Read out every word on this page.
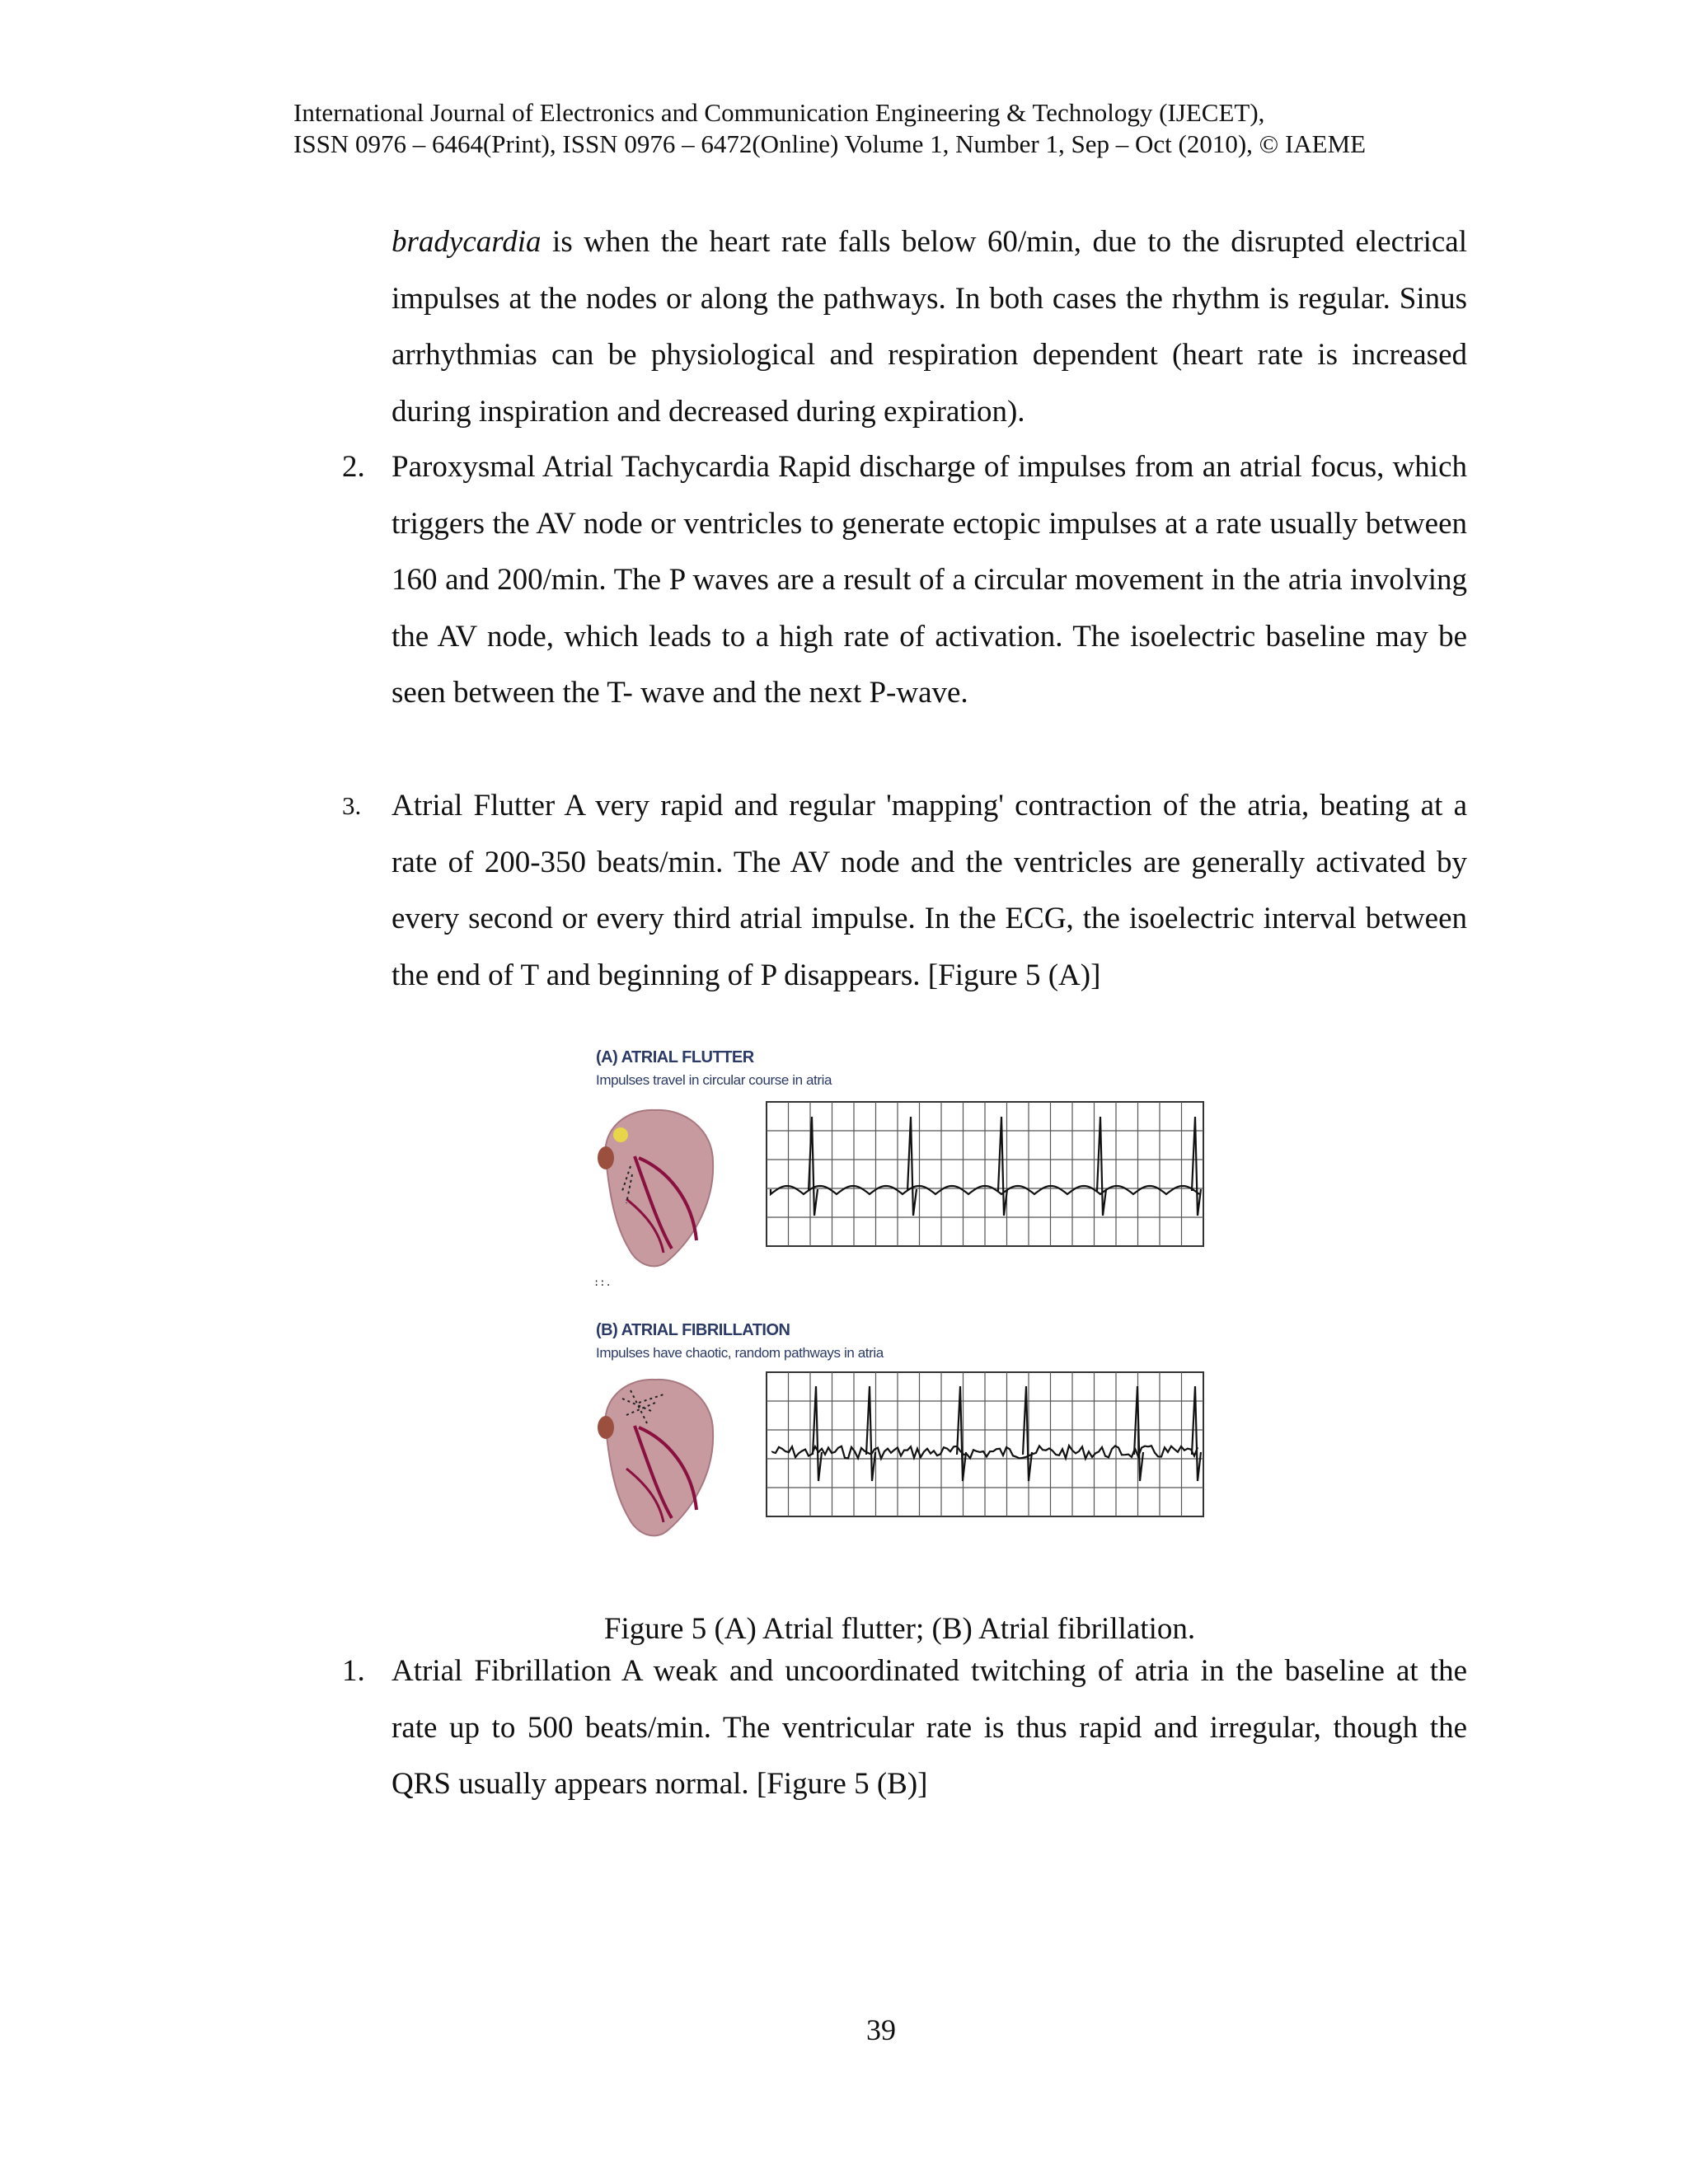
International Journal of Electronics and Communication Engineering & Technology (IJECET),
ISSN 0976 – 6464(Print), ISSN 0976 – 6472(Online) Volume 1, Number 1, Sep – Oct (2010), © IAEME
bradycardia is when the heart rate falls below 60/min, due to the disrupted electrical impulses at the nodes or along the pathways. In both cases the rhythm is regular. Sinus arrhythmias can be physiological and respiration dependent (heart rate is increased during inspiration and decreased during expiration).
2. Paroxysmal Atrial Tachycardia Rapid discharge of impulses from an atrial focus, which triggers the AV node or ventricles to generate ectopic impulses at a rate usually between 160 and 200/min. The P waves are a result of a circular movement in the atria involving the AV node, which leads to a high rate of activation. The isoelectric baseline may be seen between the T- wave and the next P-wave.
3. Atrial Flutter A very rapid and regular 'mapping' contraction of the atria, beating at a rate of 200-350 beats/min. The AV node and the ventricles are generally activated by every second or every third atrial impulse. In the ECG, the isoelectric interval between the end of T and beginning of P disappears. [Figure 5 (A)]
(A) ATRIAL FLUTTER
Impulses travel in circular course in atria
::.
(B) ATRIAL FIBRILLATION
Impulses have chaotic, random pathways in atria
Figure 5 (A) Atrial flutter; (B) Atrial fibrillation.
1. Atrial Fibrillation A weak and uncoordinated twitching of atria in the baseline at the rate up to 500 beats/min. The ventricular rate is thus rapid and irregular, though the QRS usually appears normal. [Figure 5 (B)]
39
